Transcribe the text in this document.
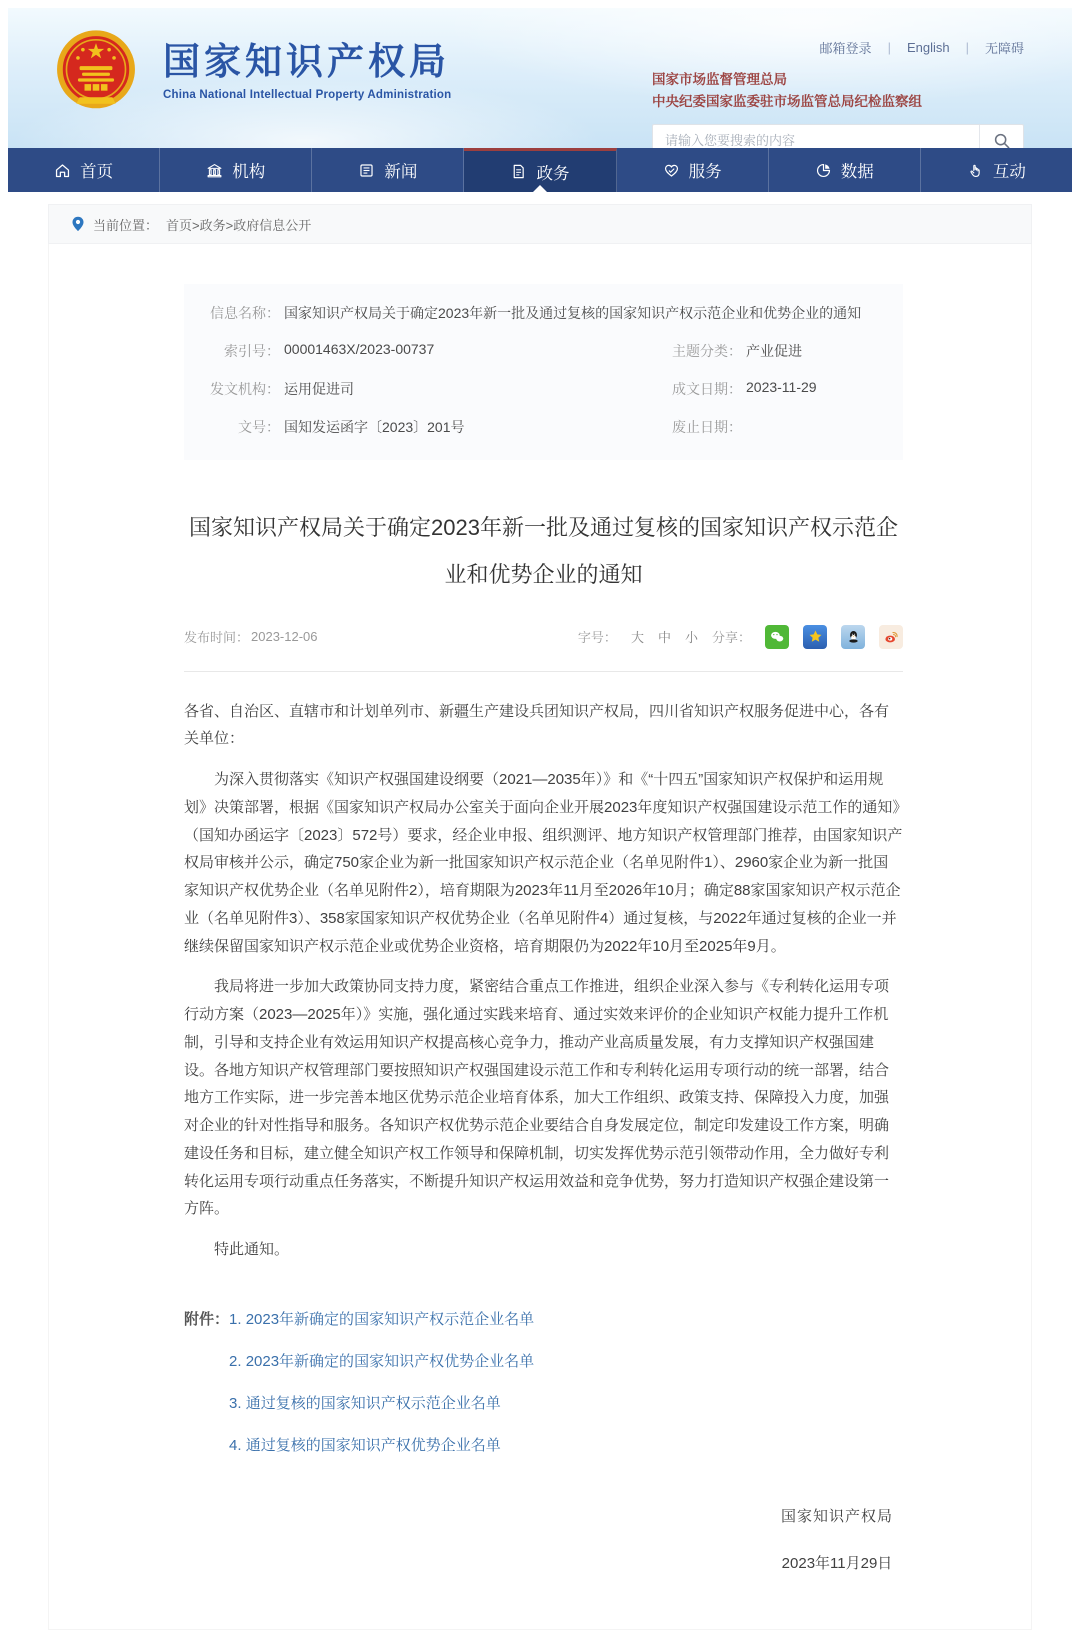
国家知识产权局
China National Intellectual Property Administration
邮箱登录 | English | 无障碍
国家市场监督管理总局
中央纪委国家监委驻市场监管总局纪检监察组
请输入您要搜索的内容
首页	机构	新闻	政务	服务	数据	互动
当前位置： 首页>政务>政府信息公开
信息名称： 国家知识产权局关于确定2023年新一批及通过复核的国家知识产权示范企业和优势企业的通知
索引号： 00001463X/2023-00737	主题分类： 产业促进
发文机构： 运用促进司	成文日期： 2023-11-29
文号： 国知发运函字〔2023〕201号	废止日期：
国家知识产权局关于确定2023年新一批及通过复核的国家知识产权示范企业和优势企业的通知
发布时间： 2023-12-06	字号： 大 中 小 分享：

各省、自治区、直辖市和计划单列市、新疆生产建设兵团知识产权局，四川省知识产权服务促进中心，各有关单位：

为深入贯彻落实《知识产权强国建设纲要（2021—2035年）》和《“十四五”国家知识产权保护和运用规划》决策部署，根据《国家知识产权局办公室关于面向企业开展2023年度知识产权强国建设示范工作的通知》（国知办函运字〔2023〕572号）要求，经企业申报、组织测评、地方知识产权管理部门推荐，由国家知识产权局审核并公示，确定750家企业为新一批国家知识产权示范企业（名单见附件1）、2960家企业为新一批国家知识产权优势企业（名单见附件2），培育期限为2023年11月至2026年10月；确定88家国家知识产权示范企业（名单见附件3）、358家国家知识产权优势企业（名单见附件4）通过复核，与2022年通过复核的企业一并继续保留国家知识产权示范企业或优势企业资格，培育期限仍为2022年10月至2025年9月。

我局将进一步加大政策协同支持力度，紧密结合重点工作推进，组织企业深入参与《专利转化运用专项行动方案（2023—2025年）》实施，强化通过实践来培育、通过实效来评价的企业知识产权能力提升工作机制，引导和支持企业有效运用知识产权提高核心竞争力，推动产业高质量发展，有力支撑知识产权强国建设。各地方知识产权管理部门要按照知识产权强国建设示范工作和专利转化运用专项行动的统一部署，结合地方工作实际，进一步完善本地区优势示范企业培育体系，加大工作组织、政策支持、保障投入力度，加强对企业的针对性指导和服务。各知识产权优势示范企业要结合自身发展定位，制定印发建设工作方案，明确建设任务和目标，建立健全知识产权工作领导和保障机制，切实发挥优势示范引领带动作用，全力做好专利转化运用专项行动重点任务落实，不断提升知识产权运用效益和竞争优势，努力打造知识产权强企建设第一方阵。

特此通知。

附件： 1. 2023年新确定的国家知识产权示范企业名单
2. 2023年新确定的国家知识产权优势企业名单
3. 通过复核的国家知识产权示范企业名单
4. 通过复核的国家知识产权优势企业名单
国家知识产权局
2023年11月29日
